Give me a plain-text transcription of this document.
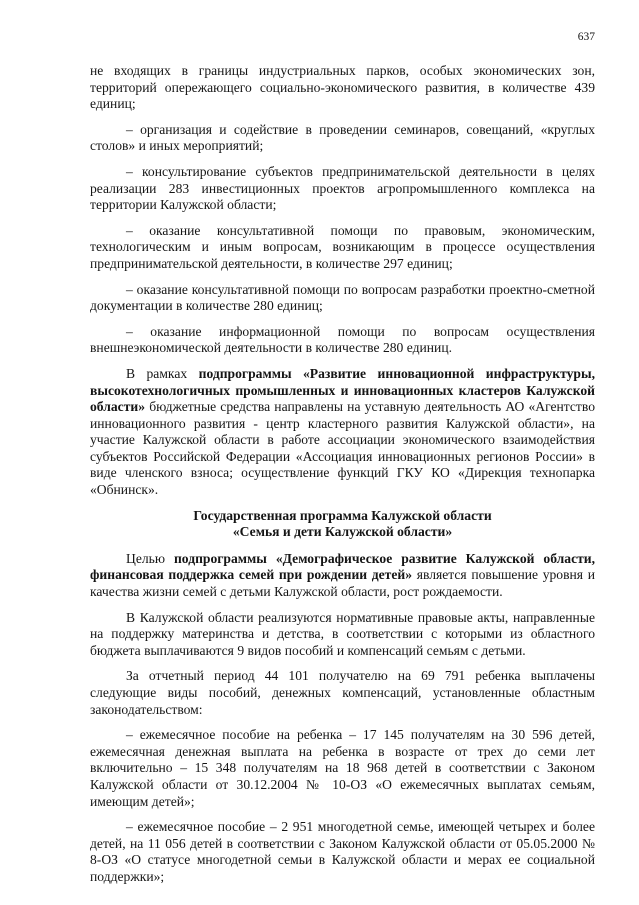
637

не входящих в границы индустриальных парков, особых экономических зон, территорий опережающего социально-экономического развития, в количестве 439 единиц;

– организация и содействие в проведении семинаров, совещаний, «круглых столов» и иных мероприятий;

– консультирование субъектов предпринимательской деятельности в целях реализации 283 инвестиционных проектов агропромышленного комплекса на территории Калужской области;

– оказание консультативной помощи по правовым, экономическим, технологическим и иным вопросам, возникающим в процессе осуществления предпринимательской деятельности, в количестве 297 единиц;

– оказание консультативной помощи по вопросам разработки проектно-сметной документации в количестве 280 единиц;

– оказание информационной помощи по вопросам осуществления внешнеэкономической деятельности в количестве 280 единиц.

В рамках подпрограммы «Развитие инновационной инфраструктуры, высокотехнологичных промышленных и инновационных кластеров Калужской области» бюджетные средства направлены на уставную деятельность АО «Агентство инновационного развития - центр кластерного развития Калужской области», на участие Калужской области в работе ассоциации экономического взаимодействия субъектов Российской Федерации «Ассоциация инновационных регионов России» в виде членского взноса; осуществление функций ГКУ КО «Дирекция технопарка «Обнинск».

Государственная программа Калужской области
«Семья и дети Калужской области»

Целью подпрограммы «Демографическое развитие Калужской области, финансовая поддержка семей при рождении детей» является повышение уровня и качества жизни семей с детьми Калужской области, рост рождаемости.

В Калужской области реализуются нормативные правовые акты, направленные на поддержку материнства и детства, в соответствии с которыми из областного бюджета выплачиваются 9 видов пособий и компенсаций семьям с детьми.

За отчетный период 44 101 получателю на 69 791 ребенка выплачены следующие виды пособий, денежных компенсаций, установленные областным законодательством:

– ежемесячное пособие на ребенка – 17 145 получателям на 30 596 детей, ежемесячная денежная выплата на ребенка в возрасте от трех до семи лет включительно – 15 348 получателям на 18 968 детей в соответствии с Законом Калужской области от 30.12.2004 № 10-ОЗ «О ежемесячных выплатах семьям, имеющим детей»;

– ежемесячное пособие – 2 951 многодетной семье, имеющей четырех и более детей, на 11 056 детей в соответствии с Законом Калужской области от 05.05.2000 № 8-ОЗ «О статусе многодетной семьи в Калужской области и мерах ее социальной поддержки»;
